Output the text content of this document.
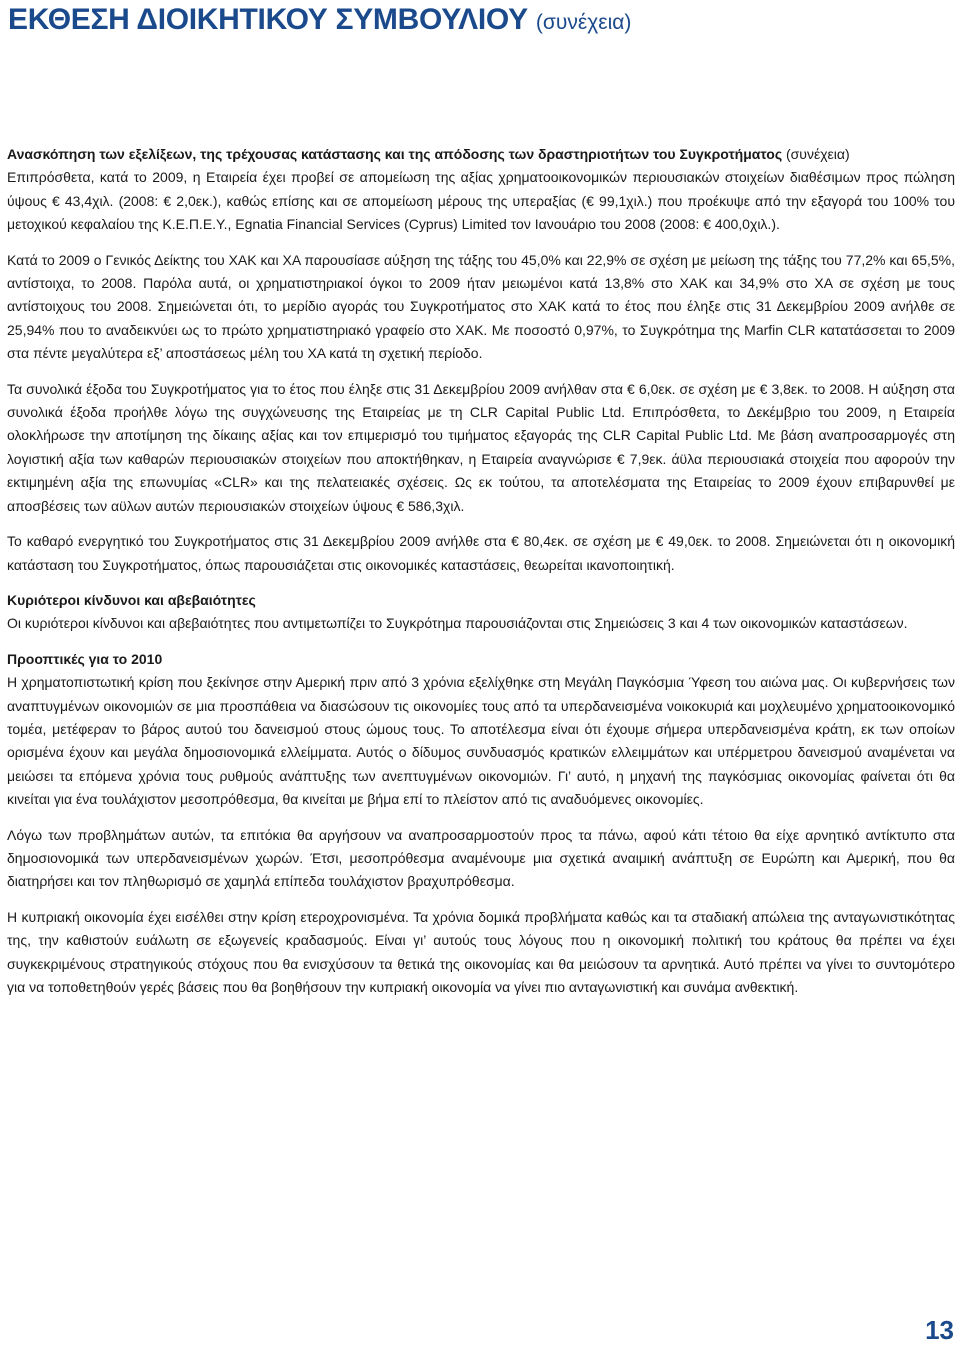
ΕΚΘΕΣΗ ΔΙΟΙΚΗΤΙΚΟΥ ΣΥΜΒΟΥΛΙΟΥ (συνέχεια)

Ανασκόπηση των εξελίξεων, της τρέχουσας κατάστασης και της απόδοσης των δραστηριοτήτων του Συγκροτήματος (συνέχεια)

Επιπρόσθετα, κατά το 2009, η Εταιρεία έχει προβεί σε απομείωση της αξίας χρηματοοικονομικών περιουσιακών στοιχείων διαθέσιμων προς πώληση ύψους € 43,4χιλ. (2008: € 2,0εκ.), καθώς επίσης και σε απομείωση μέρους της υπεραξίας (€ 99,1χιλ.) που προέκυψε από την εξαγορά του 100% του μετοχικού κεφαλαίου της Κ.Ε.Π.Ε.Υ., Egnatia Financial Services (Cyprus) Limited τον Ιανουάριο του 2008 (2008: € 400,0χιλ.).

Κατά το 2009 ο Γενικός Δείκτης του ΧΑΚ και ΧΑ παρουσίασε αύξηση της τάξης του 45,0% και 22,9% σε σχέση με μείωση της τάξης του 77,2% και 65,5%, αντίστοιχα, το 2008. Παρόλα αυτά, οι χρηματιστηριακοί όγκοι το 2009 ήταν μειωμένοι κατά 13,8% στο ΧΑΚ και 34,9% στο ΧΑ σε σχέση με τους αντίστοιχους του 2008. Σημειώνεται ότι, το μερίδιο αγοράς του Συγκροτήματος στο ΧΑΚ κατά το έτος που έληξε στις 31 Δεκεμβρίου 2009 ανήλθε σε 25,94% που το αναδεικνύει ως το πρώτο χρηματιστηριακό γραφείο στο ΧΑΚ. Με ποσοστό 0,97%, το Συγκρότημα της Marfin CLR κατατάσσεται το 2009 στα πέντε μεγαλύτερα εξ’ αποστάσεως μέλη του ΧΑ κατά τη σχετική περίοδο.

Τα συνολικά έξοδα του Συγκροτήματος για το έτος που έληξε στις 31 Δεκεμβρίου 2009 ανήλθαν στα € 6,0εκ. σε σχέση με € 3,8εκ. το 2008. Η αύξηση στα συνολικά έξοδα προήλθε λόγω της συγχώνευσης της Εταιρείας με τη CLR Capital Public Ltd. Επιπρόσθετα, το Δεκέμβριο του 2009, η Εταιρεία ολοκλήρωσε την αποτίμηση της δίκαιης αξίας και τον επιμερισμό του τιμήματος εξαγοράς της CLR Capital Public Ltd. Με βάση αναπροσαρμογές στη λογιστική αξία των καθαρών περιουσιακών στοιχείων που αποκτήθηκαν, η Εταιρεία αναγνώρισε € 7,9εκ. άϋλα περιουσιακά στοιχεία που αφορούν την εκτιμημένη αξία της επωνυμίας «CLR» και της πελατειακές σχέσεις. Ως εκ τούτου, τα αποτελέσματα της Εταιρείας το 2009 έχουν επιβαρυνθεί με αποσβέσεις των αϋλων αυτών περιουσιακών στοιχείων ύψους € 586,3χιλ.

Το καθαρό ενεργητικό του Συγκροτήματος στις 31 Δεκεμβρίου 2009 ανήλθε στα € 80,4εκ. σε σχέση με € 49,0εκ. το 2008. Σημειώνεται ότι η οικονομική κατάσταση του Συγκροτήματος, όπως παρουσιάζεται στις οικονομικές καταστάσεις, θεωρείται ικανοποιητική.

Κυριότεροι κίνδυνοι και αβεβαιότητες

Οι κυριότεροι κίνδυνοι και αβεβαιότητες που αντιμετωπίζει το Συγκρότημα παρουσιάζονται στις Σημειώσεις 3 και 4 των οικονομικών καταστάσεων.

Προοπτικές για το 2010

Η χρηματοπιστωτική κρίση που ξεκίνησε στην Αμερική πριν από 3 χρόνια εξελίχθηκε στη Μεγάλη Παγκόσμια Ύφεση του αιώνα μας. Οι κυβερνήσεις των αναπτυγμένων οικονομιών σε μια προσπάθεια να διασώσουν τις οικονομίες τους από τα υπερδανεισμένα νοικοκυριά και μοχλευμένο χρηματοοικονομικό τομέα, μετέφεραν το βάρος αυτού του δανεισμού στους ώμους τους. Το αποτέλεσμα είναι ότι έχουμε σήμερα υπερδανεισμένα κράτη, εκ των οποίων ορισμένα έχουν και μεγάλα δημοσιονομικά ελλείμματα. Αυτός ο δίδυμος συνδυασμός κρατικών ελλειμμάτων και υπέρμετρου δανεισμού αναμένεται να μειώσει τα επόμενα χρόνια τους ρυθμούς ανάπτυξης των ανεπτυγμένων οικονομιών. Γι’ αυτό, η μηχανή της παγκόσμιας οικονομίας φαίνεται ότι θα κινείται για ένα τουλάχιστον μεσοπρόθεσμα, θα κινείται με βήμα επί το πλείστον από τις αναδυόμενες οικονομίες.

Λόγω των προβλημάτων αυτών, τα επιτόκια θα αργήσουν να αναπροσαρμοστούν προς τα πάνω, αφού κάτι τέτοιο θα είχε αρνητικό αντίκτυπο στα δημοσιονομικά των υπερδανεισμένων χωρών. Έτσι, μεσοπρόθεσμα αναμένουμε μια σχετικά αναιμική ανάπτυξη σε Ευρώπη και Αμερική, που θα διατηρήσει και τον πληθωρισμό σε χαμηλά επίπεδα τουλάχιστον βραχυπρόθεσμα.

Η κυπριακή οικονομία έχει εισέλθει στην κρίση ετεροχρονισμένα. Τα χρόνια δομικά προβλήματα καθώς και τα σταδιακή απώλεια της ανταγωνιστικότητας της, την καθιστούν ευάλωτη σε εξωγενείς κραδασμούς. Είναι γι’ αυτούς τους λόγους που η οικονομική πολιτική του κράτους θα πρέπει να έχει συγκεκριμένους στρατηγικούς στόχους που θα ενισχύσουν τα θετικά της οικονομίας και θα μειώσουν τα αρνητικά. Αυτό πρέπει να γίνει το συντομότερο για να τοποθετηθούν γερές βάσεις που θα βοηθήσουν την κυπριακή οικονομία να γίνει πιο ανταγωνιστική και συνάμα ανθεκτική.

13
